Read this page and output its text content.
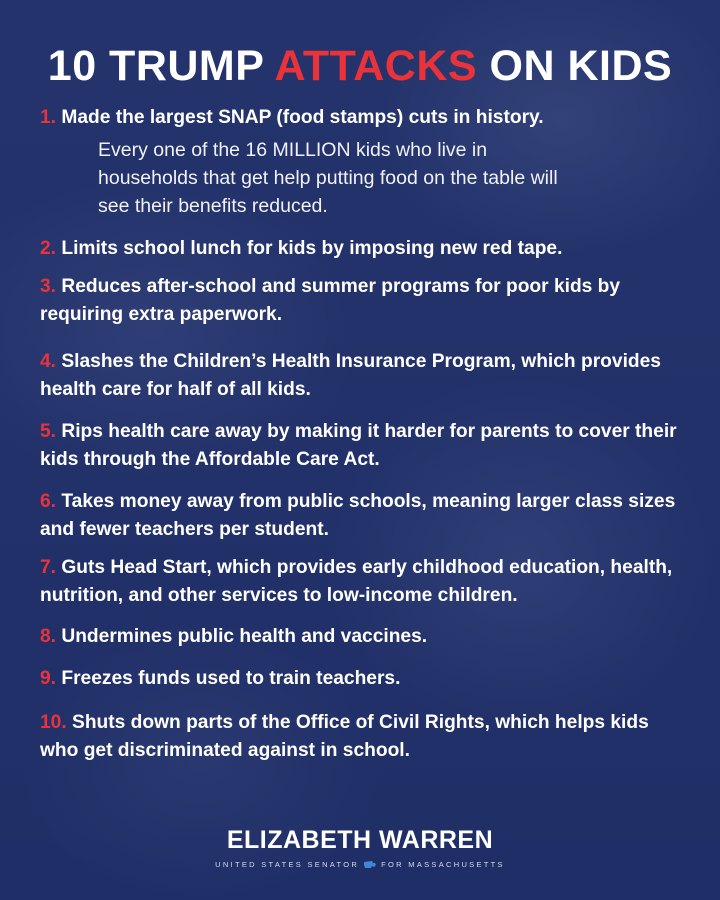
10 TRUMP ATTACKS ON KIDS

1. Made the largest SNAP (food stamps) cuts in history.

Every one of the 16 MILLION kids who live in households that get help putting food on the table will see their benefits reduced.

2. Limits school lunch for kids by imposing new red tape.

3. Reduces after-school and summer programs for poor kids by requiring extra paperwork.

4. Slashes the Children’s Health Insurance Program, which provides health care for half of all kids.

5. Rips health care away by making it harder for parents to cover their kids through the Affordable Care Act.

6. Takes money away from public schools, meaning larger class sizes and fewer teachers per student.

7. Guts Head Start, which provides early childhood education, health, nutrition, and other services to low-income children.

8. Undermines public health and vaccines.

9. Freezes funds used to train teachers.

10. Shuts down parts of the Office of Civil Rights, which helps kids who get discriminated against in school.

ELIZABETH WARREN
UNITED STATES SENATOR	FOR MASSACHUSETTS
